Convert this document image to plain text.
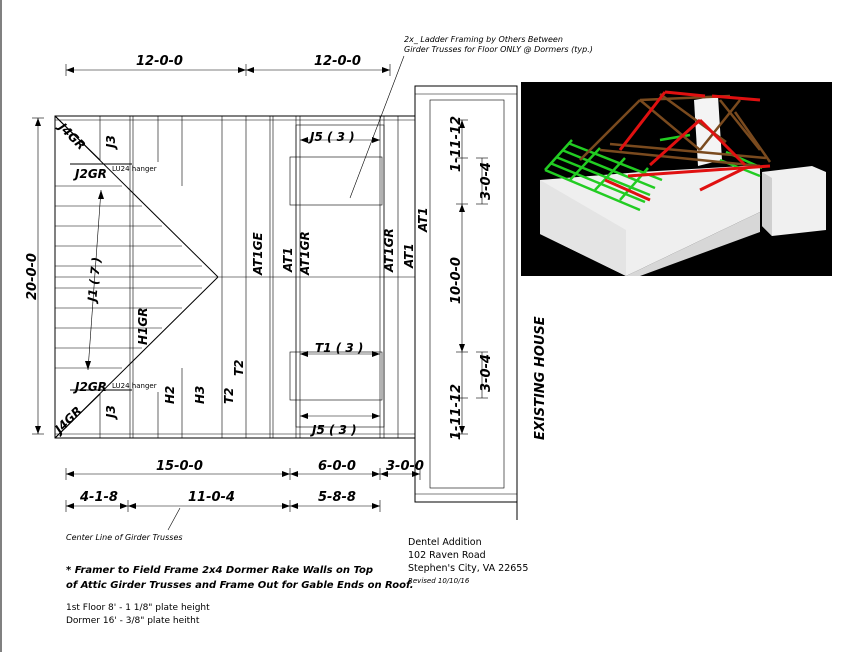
J4GR
J4GR
J3
J3
J2GR
J2GR
LU24 hanger
LU24 hanger
J1 ( 7 )
H1GR
H2 H3 T2
T2
AT1GE AT1 AT1GR	AT1GR AT1
AT1
J5 ( 3 )
J5 ( 3 )
T1 ( 3 )
2x_ Ladder Framing by Others Between
Girder Trusses for Floor ONLY @ Dormers (typ.)
12-0-0	12-0-0
20-0-0
15-0-0	6-0-0 3-0-0
4-1-8	11-0-4	5-8-8
Center Line of Girder Trusses
1-11-12
3-0-4
10-0-0
3-0-4
1-11-12	EXISTING HOUSE
* Framer to Field Frame 2x4 Dormer Rake Walls on Top
of Attic Girder Trusses and Frame Out for Gable Ends on Roof.
1st Floor 8' - 1 1/8" plate height
Dormer 16' - 3/8" plate heitht
Dentel Addition
102 Raven Road
Stephen's City, VA 22655
Revised 10/10/16
